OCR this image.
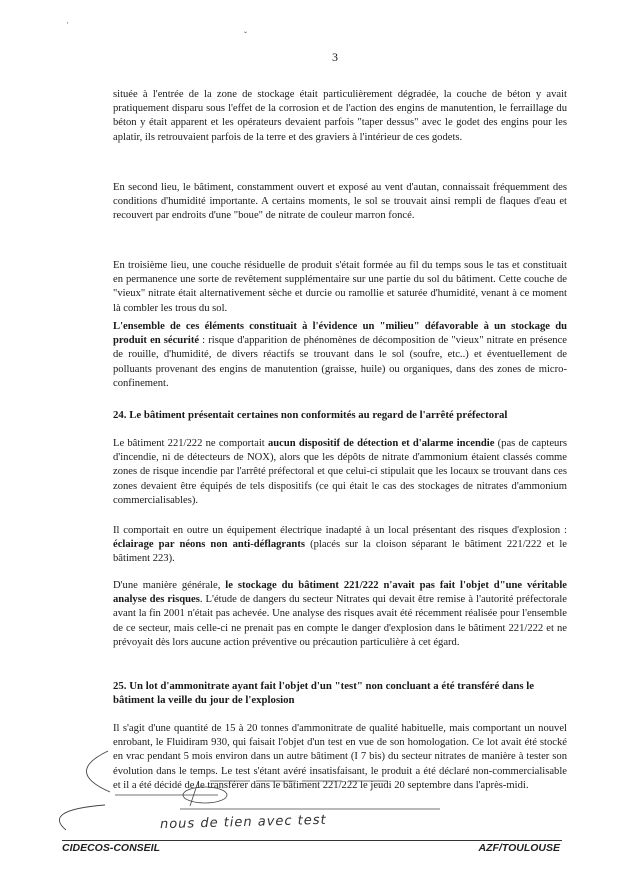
·
ˇ
3

située à l'entrée de la zone de stockage était particulièrement dégradée, la couche de béton y avait pratiquement disparu sous l'effet de la corrosion et de l'action des engins de manutention, le ferraillage du béton y était apparent et les opérateurs devaient parfois "taper dessus" avec le godet des engins pour les aplatir, ils retrouvaient parfois de la terre et des graviers à l'intérieur de ces godets.

En second lieu, le bâtiment, constamment ouvert et exposé au vent d'autan, connaissait fréquemment des conditions d'humidité importante. A certains moments, le sol se trouvait ainsi rempli de flaques d'eau et recouvert par endroits d'une "boue" de nitrate de couleur marron foncé.

En troisième lieu, une couche résiduelle de produit s'était formée au fil du temps sous le tas et constituait en permanence une sorte de revêtement supplémentaire sur une partie du sol du bâtiment. Cette couche de "vieux" nitrate était alternativement sèche et durcie ou ramollie et saturée d'humidité, venant à ce moment là combler les trous du sol.

L'ensemble de ces éléments constituait à l'évidence un "milieu" défavorable à un stockage du produit en sécurité : risque d'apparition de phénomènes de décomposition de "vieux" nitrate en présence de rouille, d'humidité, de divers réactifs se trouvant dans le sol (soufre, etc..) et éventuellement de polluants provenant des engins de manutention (graisse, huile) ou organiques, dans des zones de micro-confinement.

24. Le bâtiment présentait certaines non conformités au regard de l'arrêté préfectoral

Le bâtiment 221/222 ne comportait aucun dispositif de détection et d'alarme incendie (pas de capteurs d'incendie, ni de détecteurs de NOX), alors que les dépôts de nitrate d'ammonium étaient classés comme zones de risque incendie par l'arrêté préfectoral et que celui-ci stipulait que les locaux se trouvant dans ces zones devaient être équipés de tels dispositifs (ce qui était le cas des stockages de nitrates d'ammonium commercialisables).

Il comportait en outre un équipement électrique inadapté à un local présentant des risques d'explosion : éclairage par néons non anti-déflagrants (placés sur la cloison séparant le bâtiment 221/222 et le bâtiment 223).

D'une manière générale, le stockage du bâtiment 221/222 n'avait pas fait l'objet d"une véritable analyse des risques. L'étude de dangers du secteur Nitrates qui devait être remise à l'autorité préfectorale avant la fin 2001 n'était pas achevée. Une analyse des risques avait été récemment réalisée pour l'ensemble de ce secteur, mais celle-ci ne prenait pas en compte le danger d'explosion dans le bâtiment 221/222 et ne prévoyait dès lors aucune action préventive ou précaution particulière à cet égard.

25. Un lot d'ammonitrate ayant fait l'objet d'un "test" non concluant a été transféré dans le bâtiment la veille du jour de l'explosion

Il s'agit d'une quantité de 15 à 20 tonnes d'ammonitrate de qualité habituelle, mais comportant un nouvel enrobant, le Fluidiram 930, qui faisait l'objet d'un test en vue de son homologation. Ce lot avait été stocké en vrac pendant 5 mois environ dans un autre bâtiment (I 7 bis) du secteur nitrates de manière à tester son évolution dans le temps. Le test s'étant avéré insatisfaisant, le produit a été déclaré non-commercialisable et il a été décidé de le transférer dans le bâtiment 221/222 le jeudi 20 septembre dans l'après-midi.

nous de tien avec test
CIDECOS-CONSEIL	AZF/TOULOUSE
